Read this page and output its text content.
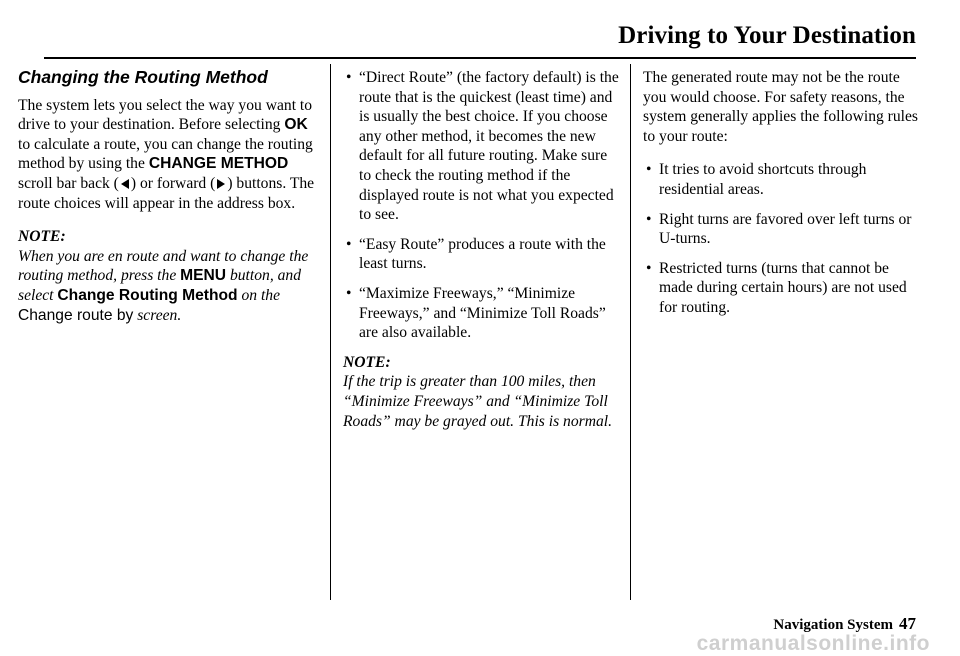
Driving to Your Destination
Changing the Routing Method

The system lets you select the way you want to drive to your destination. Before selecting OK to calculate a route, you can change the routing method by using the CHANGE METHOD scroll bar back ( ) or forward ( ) buttons. The route choices will appear in the address box.

NOTE:

When you are en route and want to change the routing method, press the MENU button, and select Change Routing Method on the Change route by screen.

• “Direct Route” (the factory default) is the route that is the quickest (least time) and is usually the best choice. If you choose any other method, it becomes the new default for all future routing. Make sure to check the routing method if the displayed route is not what you expected to see.
• “Easy Route” produces a route with the least turns.
• “Maximize Freeways,” “Minimize Freeways,” and “Minimize Toll Roads” are also available.

NOTE:

If the trip is greater than 100 miles, then “Minimize Freeways” and “Minimize Toll Roads” may be grayed out. This is normal.

The generated route may not be the route you would choose. For safety reasons, the system generally applies the following rules to your route:

• It tries to avoid shortcuts through residential areas.
• Right turns are favored over left turns or U-turns.
• Restricted turns (turns that cannot be made during certain hours) are not used for routing.
Navigation System 47
carmanualsonline.info
